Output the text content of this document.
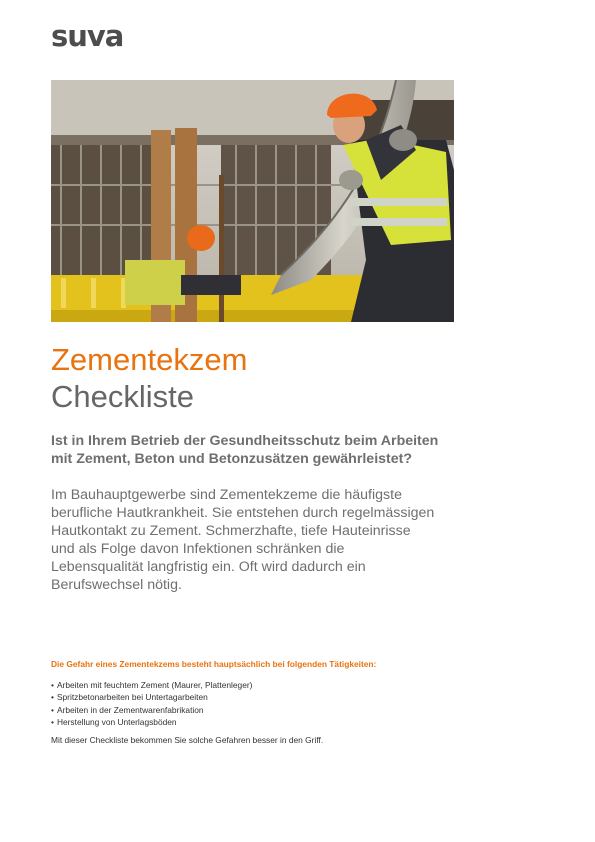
suva
Zementekzem
Checkliste

Ist in Ihrem Betrieb der Gesundheitsschutz beim Arbeiten mit Zement, Beton und Betonzusätzen gewährleistet?

Im Bauhauptgewerbe sind Zementekzeme die häufigste berufliche Hautkrankheit. Sie entstehen durch regelmässigen Hautkontakt zu Zement. Schmerzhafte, tiefe Hauteinrisse und als Folge davon Infektionen schränken die Lebensqualität langfristig ein. Oft wird dadurch ein Berufswechsel nötig.

Die Gefahr eines Zementekzems besteht hauptsächlich bei folgenden Tätigkeiten:

• Arbeiten mit feuchtem Zement (Maurer, Plattenleger)
• Spritzbetonarbeiten bei Untertagarbeiten
• Arbeiten in der Zementwarenfabrikation
• Herstellung von Unterlagsböden

Mit dieser Checkliste bekommen Sie solche Gefahren besser in den Griff.
